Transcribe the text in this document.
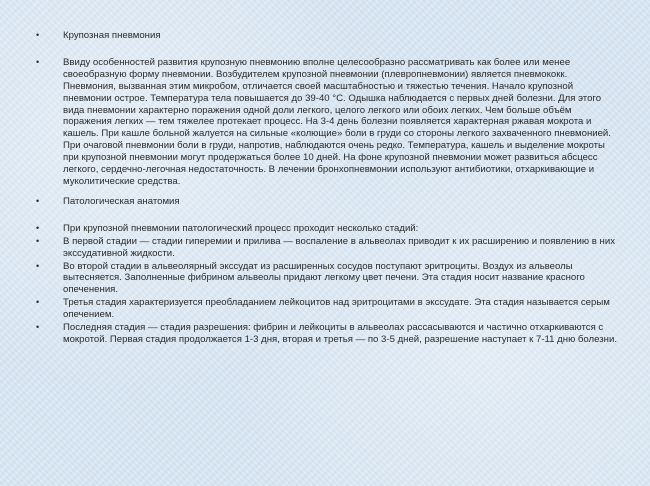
• Крупозная пневмония
• Ввиду особенностей развития крупозную пневмонию вполне целесообразно рассматривать как более или менее своеобразную форму пневмонии. Возбудителем крупозной пневмонии (плевропневмонии) является пневмококк. Пневмония, вызванная этим микробом, отличается своей масштабностью и тяжестью течения. Начало крупозной пневмонии острое. Температура тела повышается до 39-40 °С. Одышка наблюдается с первых дней болезни. Для этого вида пневмонии характерно поражения одной доли легкого, целого легкого или обоих легких. Чем больше объём поражения легких — тем тяжелее протекает процесс. На 3-4 день болезни появляется характерная ржавая мокрота и кашель. При кашле больной жалуется на сильные «колющие» боли в груди со стороны легкого захваченного пневмонией. При очаговой пневмонии боли в груди, напротив, наблюдаются очень редко. Температура, кашель и выделение мокроты при крупозной пневмонии могут продержаться более 10 дней. На фоне крупозной пневмонии может развиться абсцесс легкого, сердечно-легочная недостаточность. В лечении бронхопневмонии используют антибиотики, отхаркивающие и муколитические средства.
• Патологическая анатомия
• При крупозной пневмонии патологический процесс проходит несколько стадий:
• В первой стадии — стадии гиперемии и прилива — воспаление в альвеолах приводит к их расширению и появлению в них экссудативной жидкости.
• Во второй стадии в альвеолярный экссудат из расширенных сосудов поступают эритроциты. Воздух из альвеолы вытесняется. Заполненные фибрином альвеолы придают легкому цвет печени. Эта стадия носит название красного опеченения.
• Третья стадия характеризуется преобладанием лейкоцитов над эритроцитами в экссудате. Эта стадия называется серым опечением.
• Последняя стадия — стадия разрешения: фибрин и лейкоциты в альвеолах рассасываются и частично отхаркиваются с мокротой. Первая стадия продолжается 1-3 дня, вторая и третья — по 3-5 дней, разрешение наступает к 7-11 дню болезни.
